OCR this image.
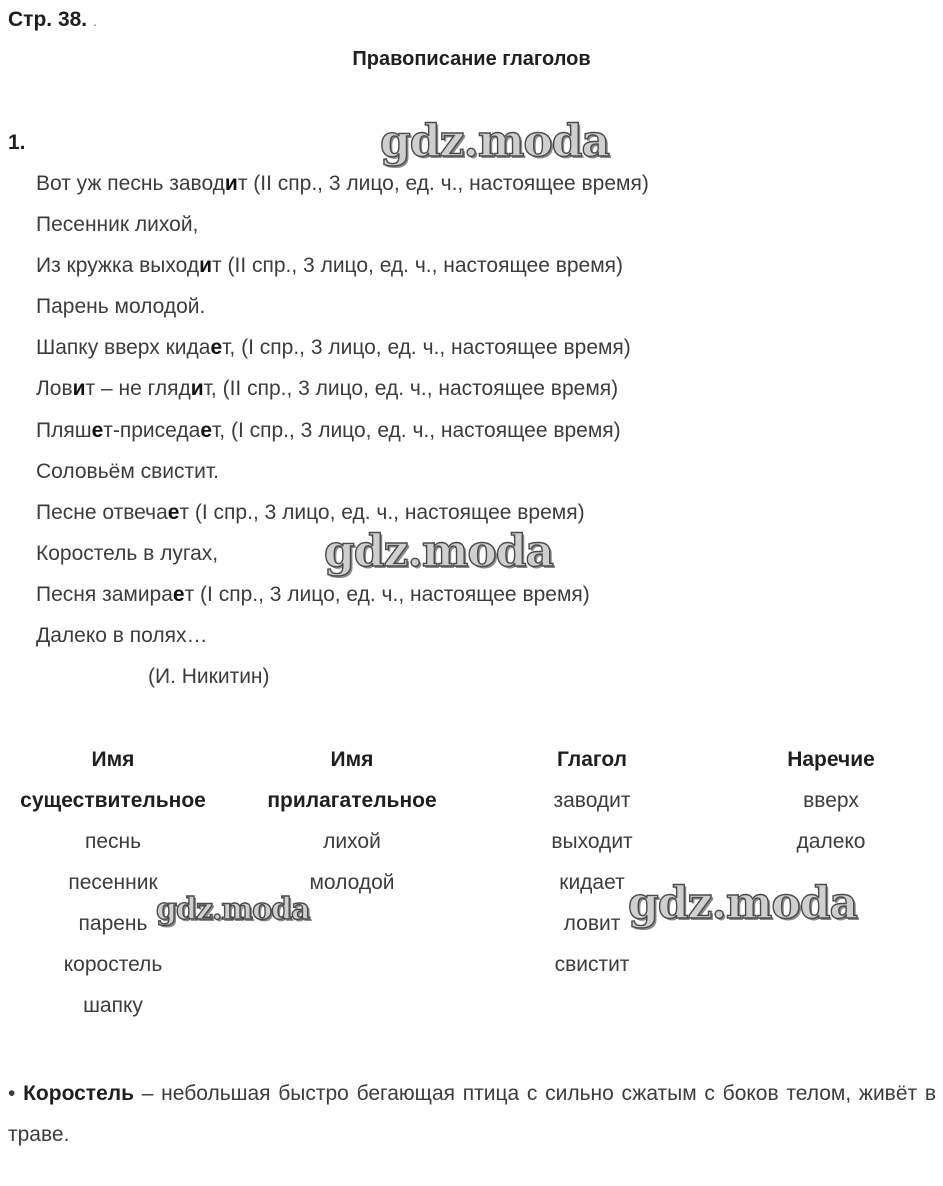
Стр. 38. .
Правописание глаголов
1.
Вот уж песнь заводит (II спр., 3 лицо, ед. ч., настоящее время)
Песенник лихой,
Из кружка выходит (II спр., 3 лицо, ед. ч., настоящее время)
Парень молодой.
Шапку вверх кидает, (I спр., 3 лицо, ед. ч., настоящее время)
Ловит – не глядит, (II спр., 3 лицо, ед. ч., настоящее время)
Пляшет-приседает, (I спр., 3 лицо, ед. ч., настоящее время)
Соловьём свистит.
Песне отвечает (I спр., 3 лицо, ед. ч., настоящее время)
Коростель в лугах,
Песня замирает (I спр., 3 лицо, ед. ч., настоящее время)
Далеко в полях…
(И. Никитин)
Имя
существительное
песнь
песенник
парень
коростель
шапку
Имя
прилагательное
лихой
молодой
Глагол
заводит
выходит
кидает
ловит
свистит
Наречие
вверх
далеко
• Коростель – небольшая быстро бегающая птица с сильно сжатым с боков телом, живёт в траве.
gdz.moda
gdz.moda
gdz.moda	gdz.moda
